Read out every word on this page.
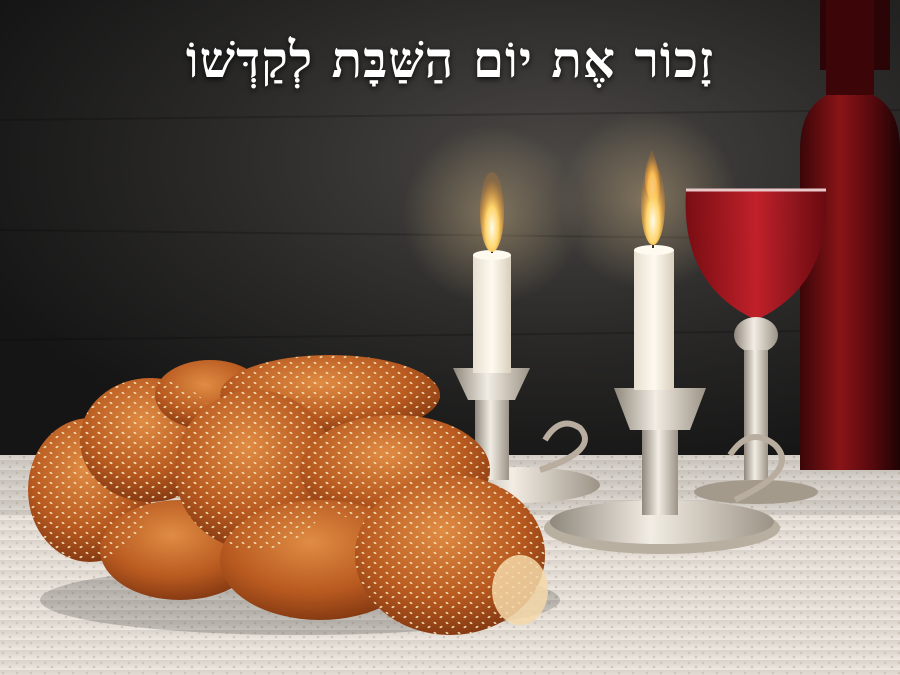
זָכוֹר אֶת יוֹם הַשַּׁבָּת לְקַדְּשׁוֹ
